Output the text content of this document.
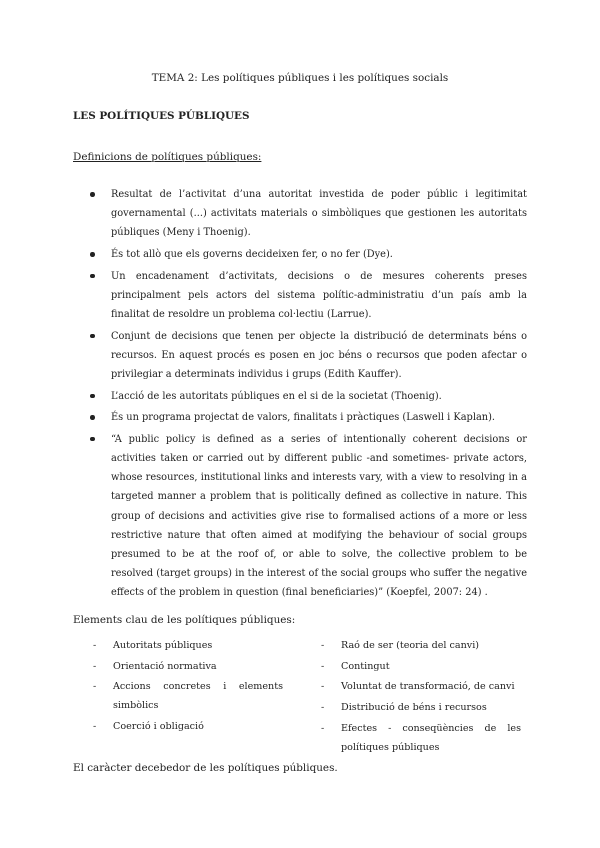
TEMA 2: Les polítiques públiques i les polítiques socials
LES POLÍTIQUES PÚBLIQUES
Definicions de polítiques públiques:
Resultat de l’activitat d’una autoritat investida de poder públic i legitimitat governamental (...) activitats materials o simbòliques que gestionen les autoritats públiques (Meny i Thoenig).
És tot allò que els governs decideixen fer, o no fer (Dye).
Un encadenament d’activitats, decisions o de mesures coherents preses principalment pels actors del sistema polític-administratiu d’un país amb la finalitat de resoldre un problema col·lectiu (Larrue).
Conjunt de decisions que tenen per objecte la distribució de determinats béns o recursos. En aquest procés es posen en joc béns o recursos que poden afectar o privilegiar a determinats individus i grups (Edith Kauffer).
L’acció de les autoritats públiques en el si de la societat (Thoenig).
És un programa projectat de valors, finalitats i pràctiques (Laswell i Kaplan).
“A public policy is defined as a series of intentionally coherent decisions or activities taken or carried out by different public -and sometimes- private actors, whose resources, institutional links and interests vary, with a view to resolving in a targeted manner a problem that is politically defined as collective in nature. This group of decisions and activities give rise to formalised actions of a more or less restrictive nature that often aimed at modifying the behaviour of social groups presumed to be at the roof of, or able to solve, the collective problem to be resolved (target groups) in the interest of the social groups who suffer the negative effects of the problem in question (final beneficiaries)” (Koepfel, 2007: 24) .
Elements clau de les polítiques públiques:
- Autoritats públiques
- Orientació normativa
- Accions concretes i elements simbòlics
- Coerció i obligació
- Raó de ser (teoria del canvi)
- Contingut
- Voluntat de transformació, de canvi
- Distribució de béns i recursos
- Efectes - conseqüències de les polítiques públiques

El caràcter decebedor de les polítiques públiques.
